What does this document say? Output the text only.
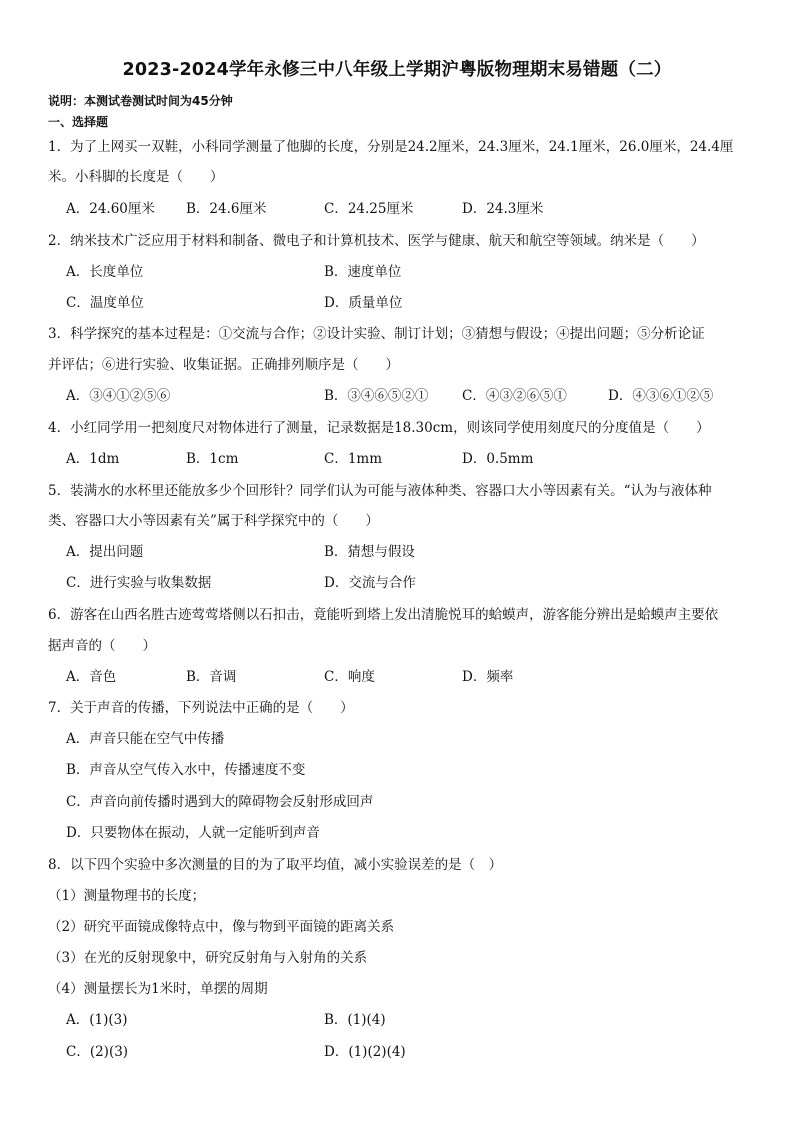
2023-2024学年永修三中八年级上学期沪粤版物理期末易错题（二）
说明：本测试卷测试时间为45分钟
一、选择题
1．为了上网买一双鞋，小科同学测量了他脚的长度，分别是24.2厘米，24.3厘米，24.1厘米，26.0厘米，24.4厘
米。小科脚的长度是（　　）
A．24.60厘米 B．24.6厘米	C．24.25厘米	D．24.3厘米
2．纳米技术广泛应用于材料和制备、微电子和计算机技术、医学与健康、航天和航空等领域。纳米是（　　）
A．长度单位	B．速度单位
C．温度单位	D．质量单位
3．科学探究的基本过程是：①交流与合作；②设计实验、制订计划；③猜想与假设；④提出问题；⑤分析论证
并评估；⑥进行实验、收集证据。正确排列顺序是（　　）
A．③④①②⑤⑥	B．③④⑥⑤②① C．④③②⑥⑤①	D．④③⑥①②⑤
4．小红同学用一把刻度尺对物体进行了测量，记录数据是18.30cm，则该同学使用刻度尺的分度值是（　　）
A．1dm	B．1cm	C．1mm	D．0.5mm
5．装满水的水杯里还能放多少个回形针？同学们认为可能与液体种类、容器口大小等因素有关。“认为与液体种
类、容器口大小等因素有关”属于科学探究中的（　　）
A．提出问题	B．猜想与假设
C．进行实验与收集数据	D．交流与合作
6．游客在山西名胜古迹莺莺塔侧以石扣击，竟能听到塔上发出清脆悦耳的蛤蟆声，游客能分辨出是蛤蟆声主要依
据声音的（　　）
A．音色	B．音调	C．响度	D．频率
7．关于声音的传播，下列说法中正确的是（　　）
A．声音只能在空气中传播
B．声音从空气传入水中，传播速度不变
C．声音向前传播时遇到大的障碍物会反射形成回声
D．只要物体在振动，人就一定能听到声音
8．以下四个实验中多次测量的目的为了取平均值，减小实验误差的是（　）
（1）测量物理书的长度；
（2）研究平面镜成像特点中，像与物到平面镜的距离关系
（3）在光的反射现象中，研究反射角与入射角的关系
（4）测量摆长为1米时，单摆的周期
A．(1)(3)	B．(1)(4)
C．(2)(3)	D．(1)(2)(4)
